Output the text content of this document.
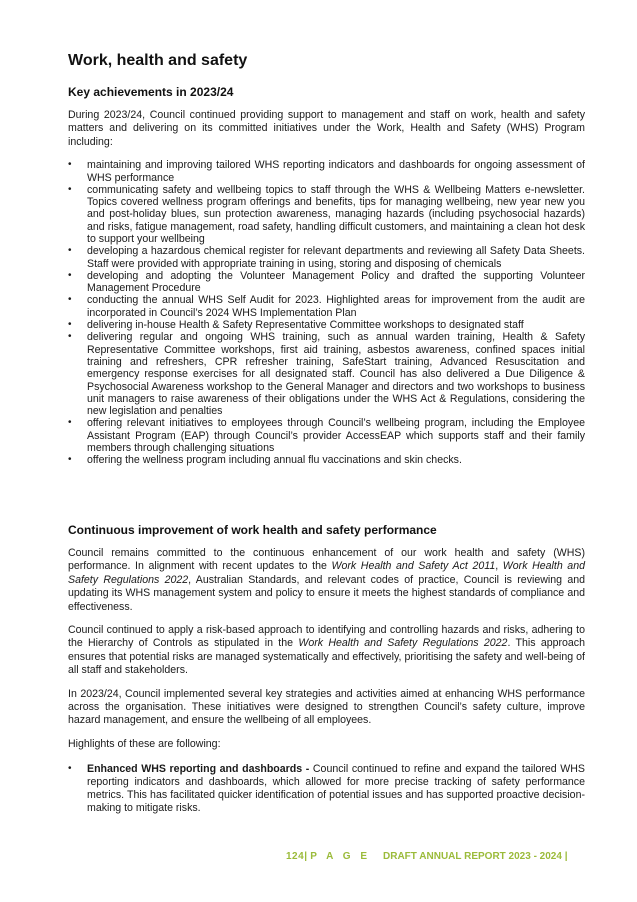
Work, health and safety
Key achievements in 2023/24

During 2023/24, Council continued providing support to management and staff on work, health and safety matters and delivering on its committed initiatives under the Work, Health and Safety (WHS) Program including:

• maintaining and improving tailored WHS reporting indicators and dashboards for ongoing assessment of WHS performance
• communicating safety and wellbeing topics to staff through the WHS & Wellbeing Matters e-newsletter. Topics covered wellness program offerings and benefits, tips for managing wellbeing, new year new you and post-holiday blues, sun protection awareness, managing hazards (including psychosocial hazards) and risks, fatigue management, road safety, handling difficult customers, and maintaining a clean hot desk to support your wellbeing
• developing a hazardous chemical register for relevant departments and reviewing all Safety Data Sheets. Staff were provided with appropriate training in using, storing and disposing of chemicals
• developing and adopting the Volunteer Management Policy and drafted the supporting Volunteer Management Procedure
• conducting the annual WHS Self Audit for 2023. Highlighted areas for improvement from the audit are incorporated in Council’s 2024 WHS Implementation Plan
• delivering in-house Health & Safety Representative Committee workshops to designated staff
• delivering regular and ongoing WHS training, such as annual warden training, Health & Safety Representative Committee workshops, first aid training, asbestos awareness, confined spaces initial training and refreshers, CPR refresher training, SafeStart training, Advanced Resuscitation and emergency response exercises for all designated staff. Council has also delivered a Due Diligence & Psychosocial Awareness workshop to the General Manager and directors and two workshops to business unit managers to raise awareness of their obligations under the WHS Act & Regulations, considering the new legislation and penalties
• offering relevant initiatives to employees through Council’s wellbeing program, including the Employee Assistant Program (EAP) through Council’s provider AccessEAP which supports staff and their family members through challenging situations
• offering the wellness program including annual flu vaccinations and skin checks.
Continuous improvement of work health and safety performance

Council remains committed to the continuous enhancement of our work health and safety (WHS) performance. In alignment with recent updates to the Work Health and Safety Act 2011, Work Health and Safety Regulations 2022, Australian Standards, and relevant codes of practice, Council is reviewing and updating its WHS management system and policy to ensure it meets the highest standards of compliance and effectiveness.

Council continued to apply a risk-based approach to identifying and controlling hazards and risks, adhering to the Hierarchy of Controls as stipulated in the Work Health and Safety Regulations 2022. This approach ensures that potential risks are managed systematically and effectively, prioritising the safety and well-being of all staff and stakeholders.

In 2023/24, Council implemented several key strategies and activities aimed at enhancing WHS performance across the organisation. These initiatives were designed to strengthen Council’s safety culture, improve hazard management, and ensure the wellbeing of all employees.

Highlights of these are following:

• Enhanced WHS reporting and dashboards - Council continued to refine and expand the tailored WHS reporting indicators and dashboards, which allowed for more precise tracking of safety performance metrics. This has facilitated quicker identification of potential issues and has supported proactive decision-making to mitigate risks.
124| P A G E DRAFT ANNUAL REPORT 2023 - 2024 |
